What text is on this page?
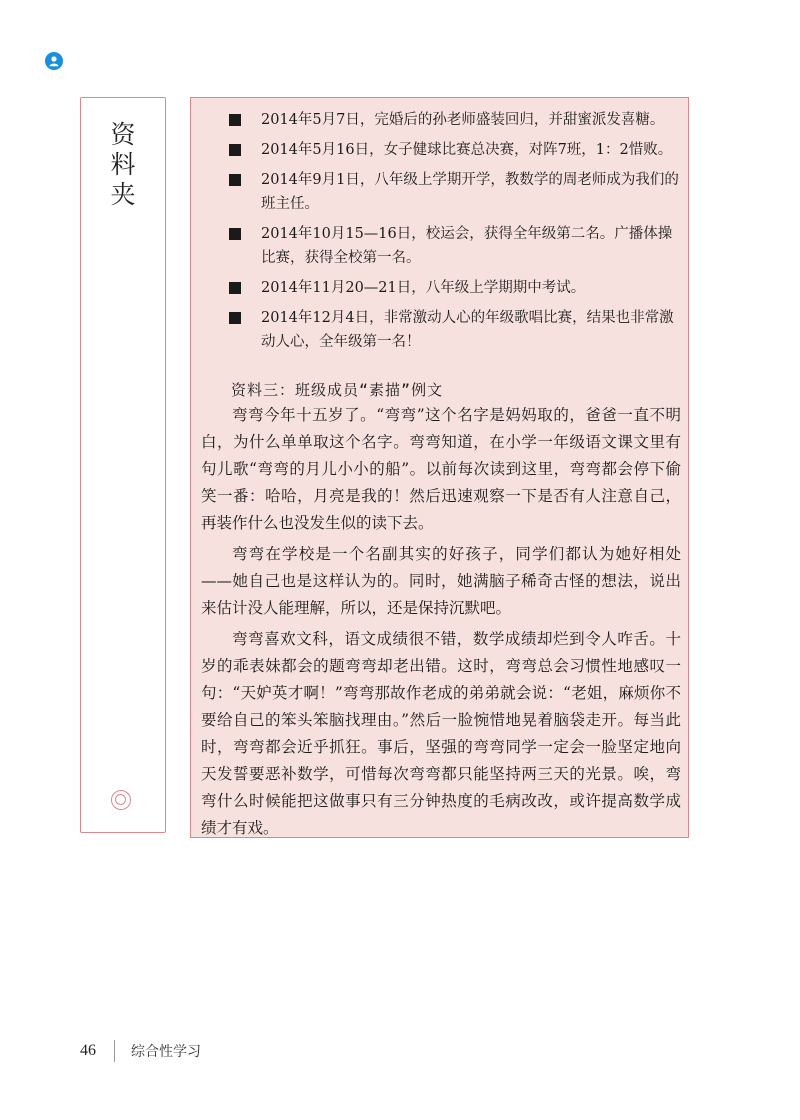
资
料
夹
2014年5月7日，完婚后的孙老师盛装回归，并甜蜜派发喜糖。
2014年5月16日，女子健球比赛总决赛，对阵7班，1：2惜败。
2014年9月1日，八年级上学期开学，教数学的周老师成为我们的班主任。
2014年10月15—16日，校运会，获得全年级第二名。广播体操比赛，获得全校第一名。
2014年11月20—21日，八年级上学期期中考试。
2014年12月4日，非常激动人心的年级歌唱比赛，结果也非常激动人心，全年级第一名！
资料三：班级成员“素描”例文

弯弯今年十五岁了。“弯弯”这个名字是妈妈取的，爸爸一直不明白，为什么单单取这个名字。弯弯知道，在小学一年级语文课文里有句儿歌“弯弯的月儿小小的船”。以前每次读到这里，弯弯都会停下偷笑一番：哈哈，月亮是我的！然后迅速观察一下是否有人注意自己，再装作什么也没发生似的读下去。

弯弯在学校是一个名副其实的好孩子，同学们都认为她好相处——她自己也是这样认为的。同时，她满脑子稀奇古怪的想法，说出来估计没人能理解，所以，还是保持沉默吧。

弯弯喜欢文科，语文成绩很不错，数学成绩却烂到令人咋舌。十岁的乖表妹都会的题弯弯却老出错。这时，弯弯总会习惯性地感叹一句：“天妒英才啊！”弯弯那故作老成的弟弟就会说：“老姐，麻烦你不要给自己的笨头笨脑找理由。”然后一脸惋惜地晃着脑袋走开。每当此时，弯弯都会近乎抓狂。事后，坚强的弯弯同学一定会一脸坚定地向天发誓要恶补数学，可惜每次弯弯都只能坚持两三天的光景。唉，弯弯什么时候能把这做事只有三分钟热度的毛病改改，或许提高数学成绩才有戏。

46	综合性学习
